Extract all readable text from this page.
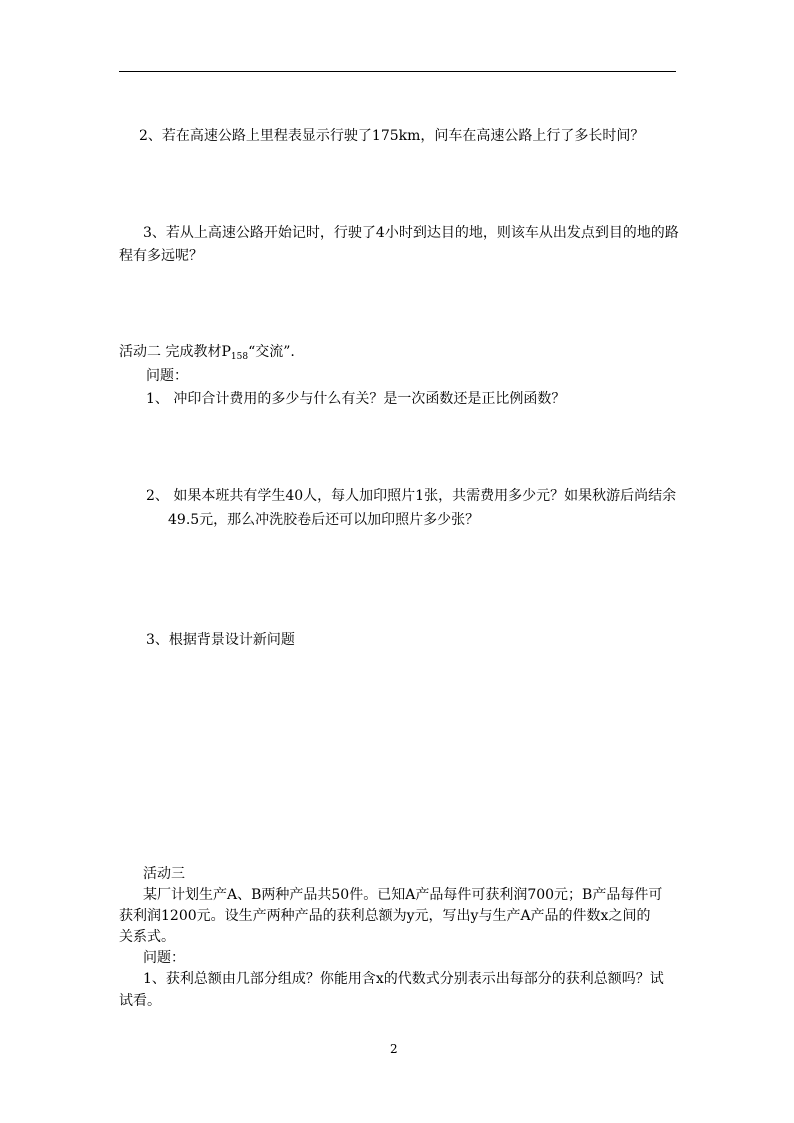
2、若在高速公路上里程表显示行驶了175km，问车在高速公路上行了多长时间？
3、若从上高速公路开始记时，行驶了4小时到达目的地，则该车从出发点到目的地的路
程有多远呢？
活动二 完成教材$P_{158}“$交流”.
问题：
1、 冲印合计费用的多少与什么有关？是一次函数还是正比例函数？
2、 如果本班共有学生40人，每人加印照片1张，共需费用多少元？如果秋游后尚结余
49.5元，那么冲洗胶卷后还可以加印照片多少张？
3、根据背景设计新问题
活动三
某厂计划生产A、B两种产品共50件。已知A产品每件可获利润700元；B产品每件可
获利润1200元。设生产两种产品的获利总额为y元，写出y与生产A产品的件数x之间的
关系式。
问题：
1、获利总额由几部分组成？你能用含x的代数式分别表示出每部分的获利总额吗？试
试看。
2
